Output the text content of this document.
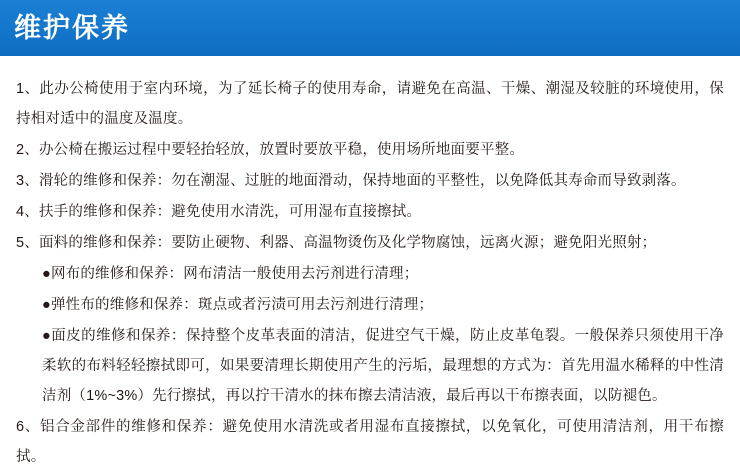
维护保养

1、此办公椅使用于室内环境，为了延长椅子的使用寿命，请避免在高温、干燥、潮湿及较脏的环境使用，保持相对适中的温度及温度。

2、办公椅在搬运过程中要轻抬轻放，放置时要放平稳，使用场所地面要平整。

3、滑轮的维修和保养：勿在潮湿、过脏的地面滑动，保持地面的平整性，以免降低其寿命而导致剥落。

4、扶手的维修和保养：避免使用水清洗，可用湿布直接擦拭。

5、面料的维修和保养：要防止硬物、利器、高温物烫伤及化学物腐蚀，远离火源；避免阳光照射；

●网布的维修和保养：网布清洁一般使用去污剂进行清理；

●弹性布的维修和保养：斑点或者污渍可用去污剂进行清理；

●面皮的维修和保养：保持整个皮革表面的清洁，促进空气干燥，防止皮革龟裂。一般保养只须使用干净柔软的布料轻轻擦拭即可，如果要清理长期使用产生的污垢，最理想的方式为：首先用温水稀释的中性清洁剂（1%~3%）先行擦拭，再以拧干清水的抹布擦去清洁液，最后再以干布擦表面，以防褪色。

6、铝合金部件的维修和保养：避免使用水清洗或者用湿布直接擦拭，以免氧化，可使用清洁剂，用干布擦拭。
